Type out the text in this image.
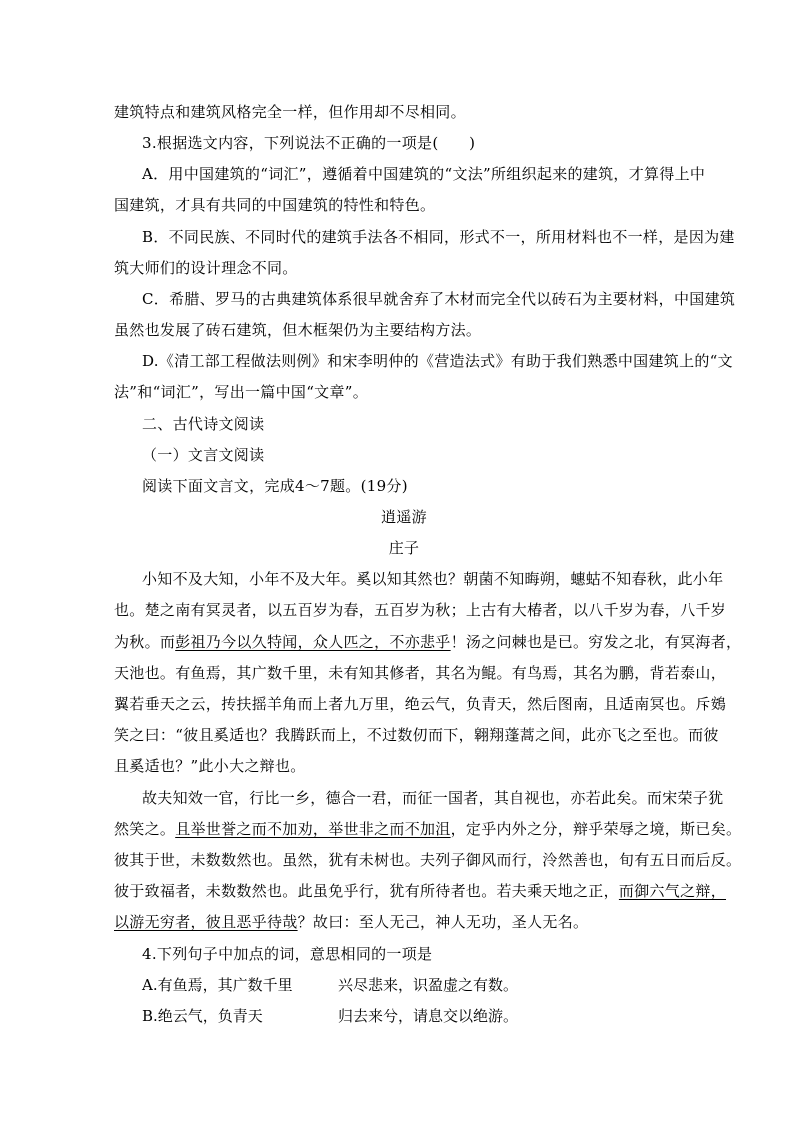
建筑特点和建筑风格完全一样，但作用却不尽相同。
3.根据选文内容，下列说法不正确的一项是(　　)
A．用中国建筑的“词汇”，遵循着中国建筑的“文法”所组织起来的建筑，才算得上中
国建筑，才具有共同的中国建筑的特性和特色。
B．不同民族、不同时代的建筑手法各不相同，形式不一，所用材料也不一样，是因为建
筑大师们的设计理念不同。
C．希腊、罗马的古典建筑体系很早就舍弃了木材而完全代以砖石为主要材料，中国建筑
虽然也发展了砖石建筑，但木框架仍为主要结构方法。
D.《清工部工程做法则例》和宋李明仲的《营造法式》有助于我们熟悉中国建筑上的“文
法”和“词汇”，写出一篇中国“文章”。
二、古代诗文阅读
（一）文言文阅读
阅读下面文言文，完成4～7题。(19分)
逍遥游
庄子
小知不及大知，小年不及大年。奚以知其然也？朝菌不知晦朔，蟪蛄不知春秋，此小年
也。楚之南有冥灵者，以五百岁为春，五百岁为秋；上古有大椿者，以八千岁为春，八千岁
为秋。而彭祖乃今以久特闻，众人匹之，不亦悲乎！汤之问棘也是已。穷发之北，有冥海者，
天池也。有鱼焉，其广数千里，未有知其修者，其名为鲲。有鸟焉，其名为鹏，背若泰山，
翼若垂天之云，抟扶摇羊角而上者九万里，绝云气，负青天，然后图南，且适南冥也。斥鴳
笑之曰：“彼且奚适也？我腾跃而上，不过数仞而下，翱翔蓬蒿之间，此亦飞之至也。而彼
且奚适也？”此小大之辩也。
故夫知效一官，行比一乡，德合一君，而征一国者，其自视也，亦若此矣。而宋荣子犹
然笑之。且举世誉之而不加劝，举世非之而不加沮，定乎内外之分，辩乎荣辱之境，斯已矣。
彼其于世，未数数然也。虽然，犹有未树也。夫列子御风而行，泠然善也，旬有五日而后反。
彼于致福者，未数数然也。此虽免乎行，犹有所待者也。若夫乘天地之正，而御六气之辩，
以游无穷者，彼且恶乎待哉？故曰：至人无己，神人无功，圣人无名。
4.下列句子中加点的词，意思相同的一项是
A.有鱼焉，其广数千里	兴尽悲来，识盈虚之有数。
B.绝云气，负青天	归去来兮，请息交以绝游。
